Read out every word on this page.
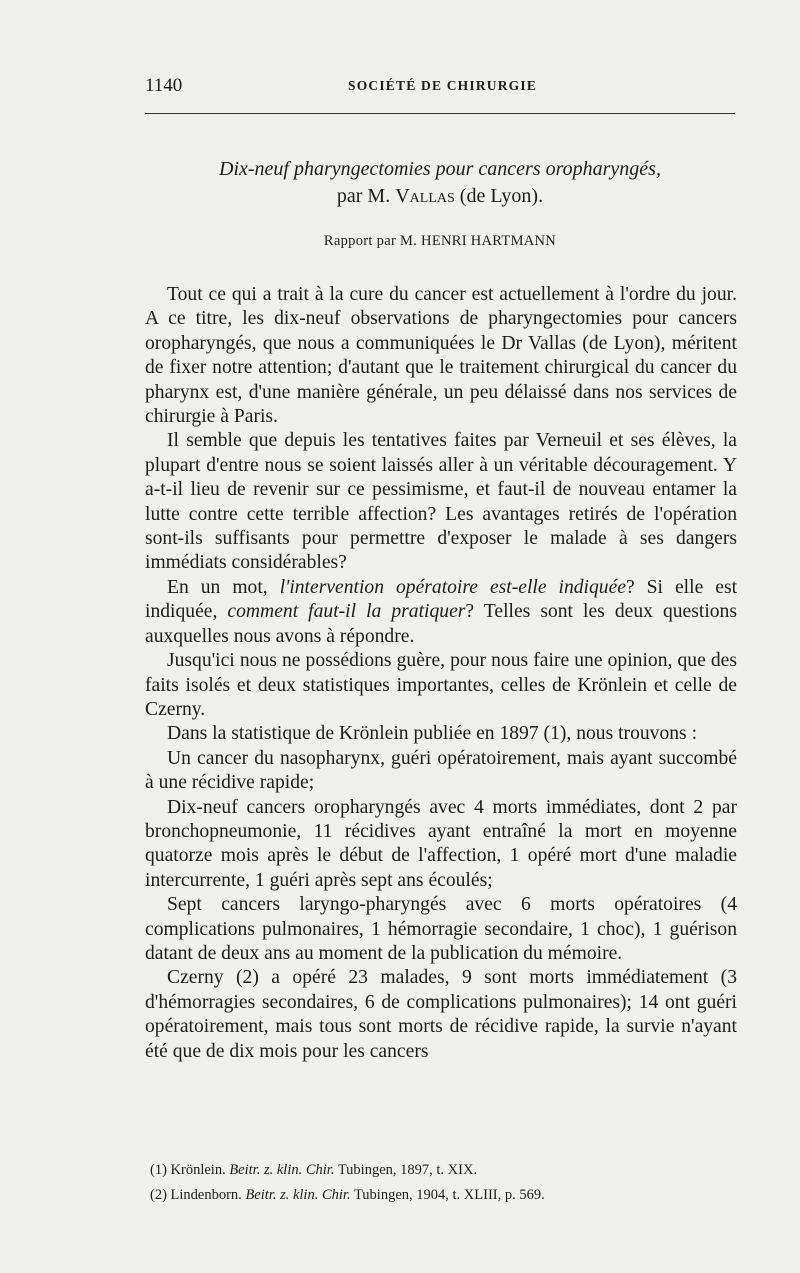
1140	SOCIÉTÉ DE CHIRURGIE
Dix-neuf pharyngectomies pour cancers oropharyngés,
par M. Vallas (de Lyon).
Rapport par M. HENRI HARTMANN

Tout ce qui a trait à la cure du cancer est actuellement à l'ordre du jour. A ce titre, les dix-neuf observations de pharyngectomies pour cancers oropharyngés, que nous a communiquées le Dr Vallas (de Lyon), méritent de fixer notre attention; d'autant que le traitement chirurgical du cancer du pharynx est, d'une manière générale, un peu délaissé dans nos services de chirurgie à Paris.

Il semble que depuis les tentatives faites par Verneuil et ses élèves, la plupart d'entre nous se soient laissés aller à un véritable découragement. Y a-t-il lieu de revenir sur ce pessimisme, et faut-il de nouveau entamer la lutte contre cette terrible affection? Les avantages retirés de l'opération sont-ils suffisants pour permettre d'exposer le malade à ses dangers immédiats considérables?

En un mot, l'intervention opératoire est-elle indiquée? Si elle est indiquée, comment faut-il la pratiquer? Telles sont les deux questions auxquelles nous avons à répondre.

Jusqu'ici nous ne possédions guère, pour nous faire une opinion, que des faits isolés et deux statistiques importantes, celles de Krönlein et celle de Czerny.

Dans la statistique de Krönlein publiée en 1897 (1), nous trouvons :

Un cancer du nasopharynx, guéri opératoirement, mais ayant succombé à une récidive rapide;

Dix-neuf cancers oropharyngés avec 4 morts immédiates, dont 2 par bronchopneumonie, 11 récidives ayant entraîné la mort en moyenne quatorze mois après le début de l'affection, 1 opéré mort d'une maladie intercurrente, 1 guéri après sept ans écoulés;

Sept cancers laryngo-pharyngés avec 6 morts opératoires (4 complications pulmonaires, 1 hémorragie secondaire, 1 choc), 1 guérison datant de deux ans au moment de la publication du mémoire.

Czerny (2) a opéré 23 malades, 9 sont morts immédiatement (3 d'hémorragies secondaires, 6 de complications pulmonaires); 14 ont guéri opératoirement, mais tous sont morts de récidive rapide, la survie n'ayant été que de dix mois pour les cancers

(1) Krönlein. Beitr. z. klin. Chir. Tubingen, 1897, t. XIX.
(2) Lindenborn. Beitr. z. klin. Chir. Tubingen, 1904, t. XLIII, p. 569.
